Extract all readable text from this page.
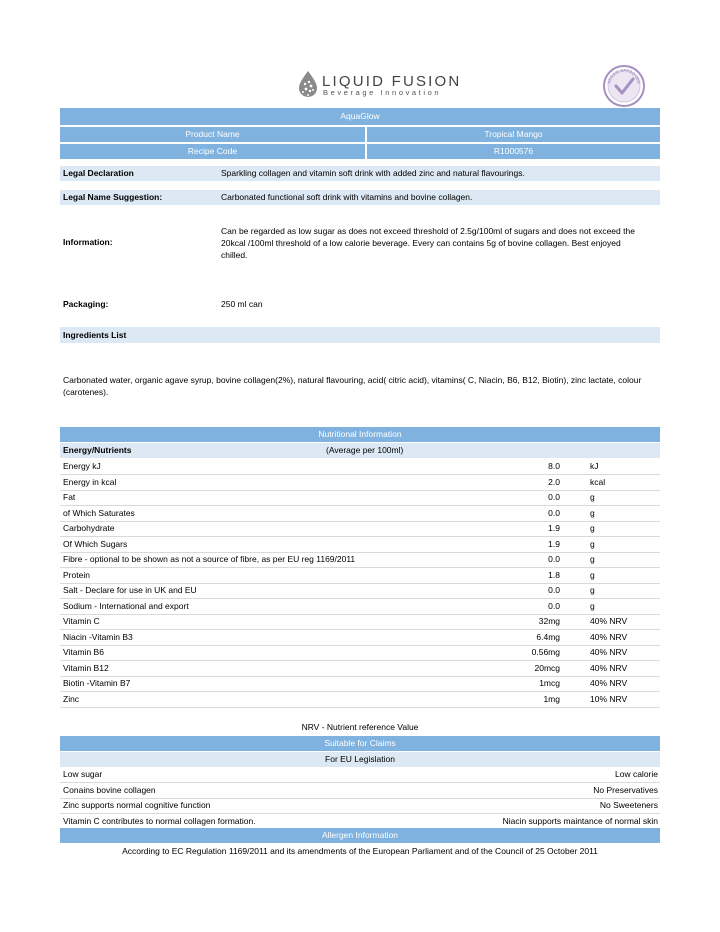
LIQUID FUSION
Beverage Innovation
VEGAN APPROVED
AquaGlow
Product Name	Tropical Mango
Recipe Code	R1000576
Legal Declaration	Sparkling collagen and vitamin soft drink with added zinc and natural flavourings.
Legal Name Suggestion:	Carbonated functional soft drink with vitamins and bovine collagen.
Information:
Can be regarded as low sugar as does not exceed threshold of 2.5g/100ml of sugars and does not exceed the
20kcal /100ml threshold of a low calorie beverage. Every can contains 5g of bovine collagen. Best enjoyed
chilled.
Packaging:	250 ml can
Ingredients List
Carbonated water, organic agave syrup, bovine collagen(2%), natural flavouring, acid( citric acid), vitamins( C, Niacin, B6, B12, Biotin), zinc lactate, colour
(carotenes).
Nutritional Information
Energy/Nutrients	(Average per 100ml)
Energy kJ	8.0	kJ
Energy in kcal	2.0	kcal
Fat	0.0	g
of Which Saturates	0.0	g
Carbohydrate	1.9	g
Of Which Sugars	1.9	g
Fibre - optional to be shown as not a source of fibre, as per EU reg 1169/2011	0.0	g
Protein	1.8	g
Salt - Declare for use in UK and EU	0.0	g
Sodium - International and export	0.0	g
Vitamin C	32mg	40% NRV
Niacin -Vitamin B3	6.4mg	40% NRV
Vitamin B6	0.56mg	40% NRV
Vitamin B12	20mcg	40% NRV
Biotin -Vitamin B7	1mcg	40% NRV
Zinc	1mg	10% NRV
NRV - Nutrient reference Value
Suitable for Claims
For EU Legislation
Low sugar	Low calorie
Conains bovine collagen	No Preservatives
Zinc supports normal cognitive function	No Sweeteners
Vitamin C contributes to normal collagen formation.	Niacin supports maintance of normal skin
Allergen Information
According to EC Regulation 1169/2011 and its amendments of the European Parliament and of the Council of 25 October 2011
